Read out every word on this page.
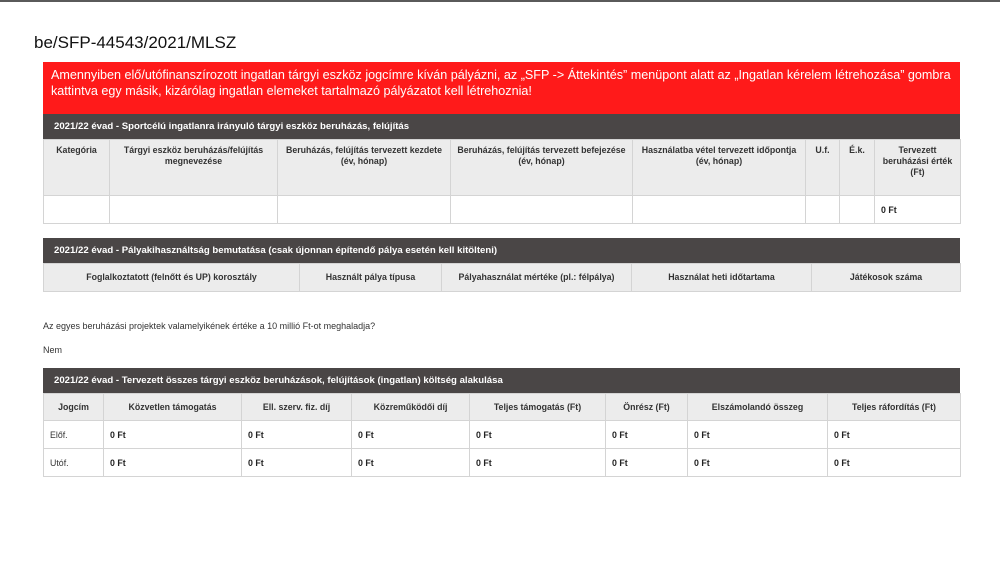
be/SFP-44543/2021/MLSZ
Amennyiben elő/utófinanszírozott ingatlan tárgyi eszköz jogcímre kíván pályázni, az „SFP -> Áttekintés” menüpont alatt az „Ingatlan kérelem létrehozása” gombra kattintva egy másik, kizárólag ingatlan elemeket tartalmazó pályázatot kell létrehoznia!
2021/22 évad - Sportcélú ingatlanra irányuló tárgyi eszköz beruházás, felújítás
Kategória	Tárgyi eszköz beruházás/felújítás megnevezése	Beruházás, felújítás tervezett kezdete (év, hónap)	Beruházás, felújítás tervezett befejezése (év, hónap)	Használatba vétel tervezett időpontja (év, hónap)	U.f.	É.k.	Tervezett beruházási érték (Ft)
							0 Ft
2021/22 évad - Pályakihasználtság bemutatása (csak újonnan építendő pálya esetén kell kitölteni)
Foglalkoztatott (felnőtt és UP) korosztály	Használt pálya típusa	Pályahasználat mértéke (pl.: félpálya)	Használat heti időtartama	Játékosok száma
Az egyes beruházási projektek valamelyikének értéke a 10 millió Ft-ot meghaladja?
Nem
2021/22 évad - Tervezett összes tárgyi eszköz beruházások, felújítások (ingatlan) költség alakulása
Jogcím	Közvetlen támogatás	Ell. szerv. fiz. díj	Közreműködői díj	Teljes támogatás (Ft)	Önrész (Ft)	Elszámolandó összeg	Teljes ráfordítás (Ft)
Előf.	0 Ft	0 Ft	0 Ft	0 Ft	0 Ft	0 Ft	0 Ft
Utóf.	0 Ft	0 Ft	0 Ft	0 Ft	0 Ft	0 Ft	0 Ft
